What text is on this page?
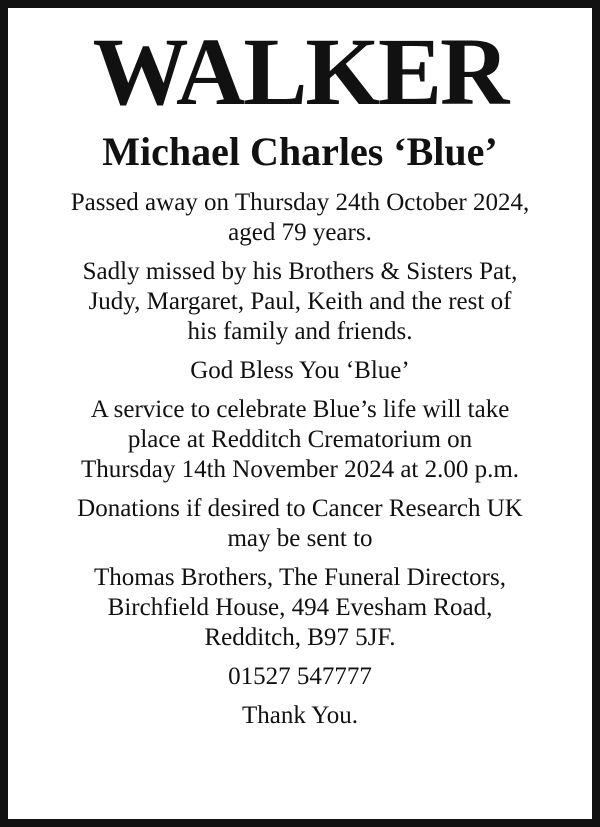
WALKER
Michael Charles ‘Blue’
Passed away on Thursday 24th October 2024,
aged 79 years.
Sadly missed by his Brothers & Sisters Pat,
Judy, Margaret, Paul, Keith and the rest of
his family and friends.
God Bless You ‘Blue’
A service to celebrate Blue’s life will take
place at Redditch Crematorium on
Thursday 14th November 2024 at 2.00 p.m.
Donations if desired to Cancer Research UK
may be sent to
Thomas Brothers, The Funeral Directors,
Birchfield House, 494 Evesham Road,
Redditch, B97 5JF.
01527 547777
Thank You.
